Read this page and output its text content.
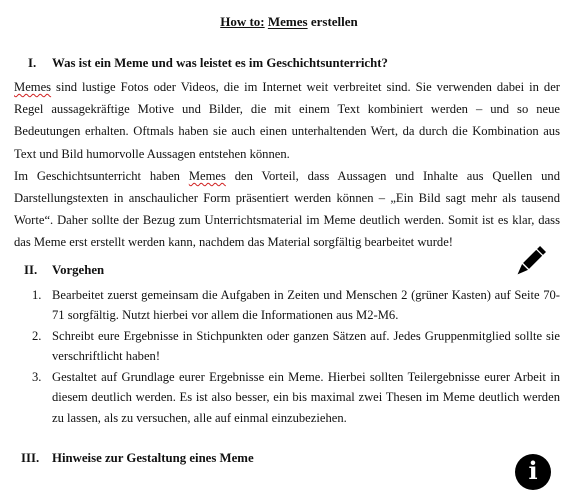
How to: Memes erstellen
I. Was ist ein Meme und was leistet es im Geschichtsunterricht?

Memes sind lustige Fotos oder Videos, die im Internet weit verbreitet sind. Sie verwenden dabei in der Regel aussagekräftige Motive und Bilder, die mit einem Text kombiniert werden – und so neue Bedeutungen erhalten. Oftmals haben sie auch einen unterhaltenden Wert, da durch die Kombination aus Text und Bild humorvolle Aussagen entstehen können.

Im Geschichtsunterricht haben Memes den Vorteil, dass Aussagen und Inhalte aus Quellen und Darstellungstexten in anschaulicher Form präsentiert werden können – „Ein Bild sagt mehr als tausend Worte“. Daher sollte der Bezug zum Unterrichtsmaterial im Meme deutlich werden. Somit ist es klar, dass das Meme erst erstellt werden kann, nachdem das Material sorgfältig bearbeitet wurde!

II. Vorgehen
1. Bearbeitet zuerst gemeinsam die Aufgaben in Zeiten und Menschen 2 (grüner Kasten) auf Seite 70-71 sorgfältig. Nutzt hierbei vor allem die Informationen aus M2-M6.
2. Schreibt eure Ergebnisse in Stichpunkten oder ganzen Sätzen auf. Jedes Gruppenmitglied sollte sie verschriftlicht haben!
3. Gestaltet auf Grundlage eurer Ergebnisse ein Meme. Hierbei sollten Teilergebnisse eurer Arbeit in diesem deutlich werden. Es ist also besser, ein bis maximal zwei Thesen im Meme deutlich werden zu lassen, als zu versuchen, alle auf einmal einzubeziehen.
III. Hinweise zur Gestaltung eines Meme	i
